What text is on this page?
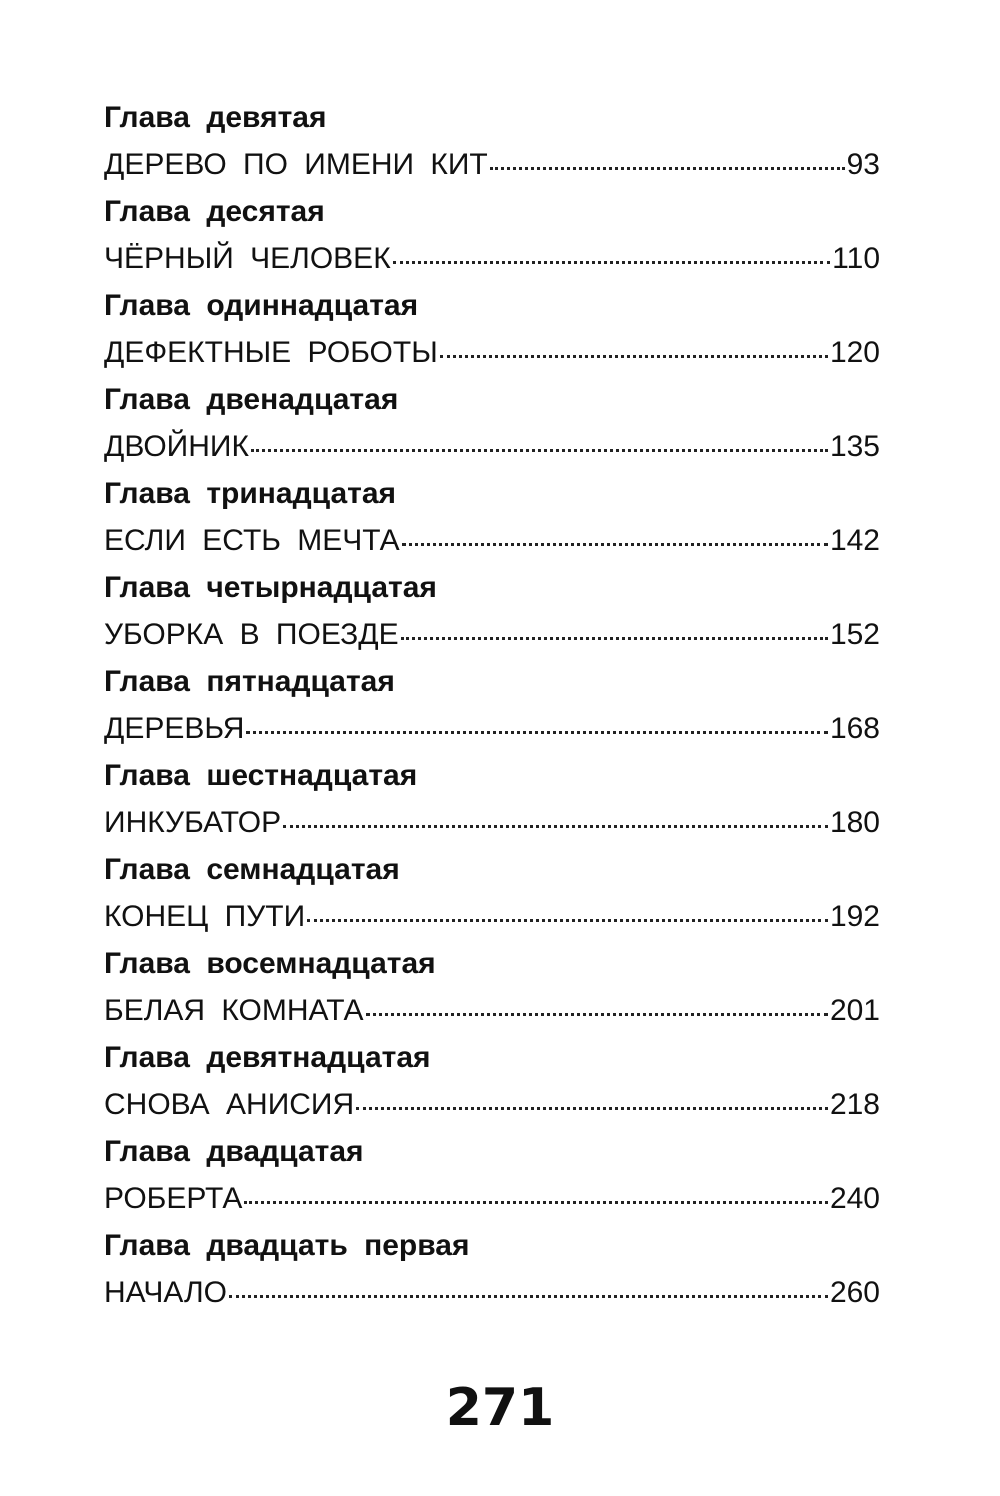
Глава девятая
ДЕРЕВО ПО ИМЕНИ КИТ	93
Глава десятая
ЧЁРНЫЙ ЧЕЛОВЕК	110
Глава одиннадцатая
ДЕФЕКТНЫЕ РОБОТЫ	120
Глава двенадцатая
ДВОЙНИК	135
Глава тринадцатая
ЕСЛИ ЕСТЬ МЕЧТА	142
Глава четырнадцатая
УБОРКА В ПОЕЗДЕ	152
Глава пятнадцатая
ДЕРЕВЬЯ	168
Глава шестнадцатая
ИНКУБАТОР	180
Глава семнадцатая
КОНЕЦ ПУТИ	192
Глава восемнадцатая
БЕЛАЯ КОМНАТА	201
Глава девятнадцатая
СНОВА АНИСИЯ	218
Глава двадцатая
РОБЕРТА	240
Глава двадцать первая
НАЧАЛО	260
271
